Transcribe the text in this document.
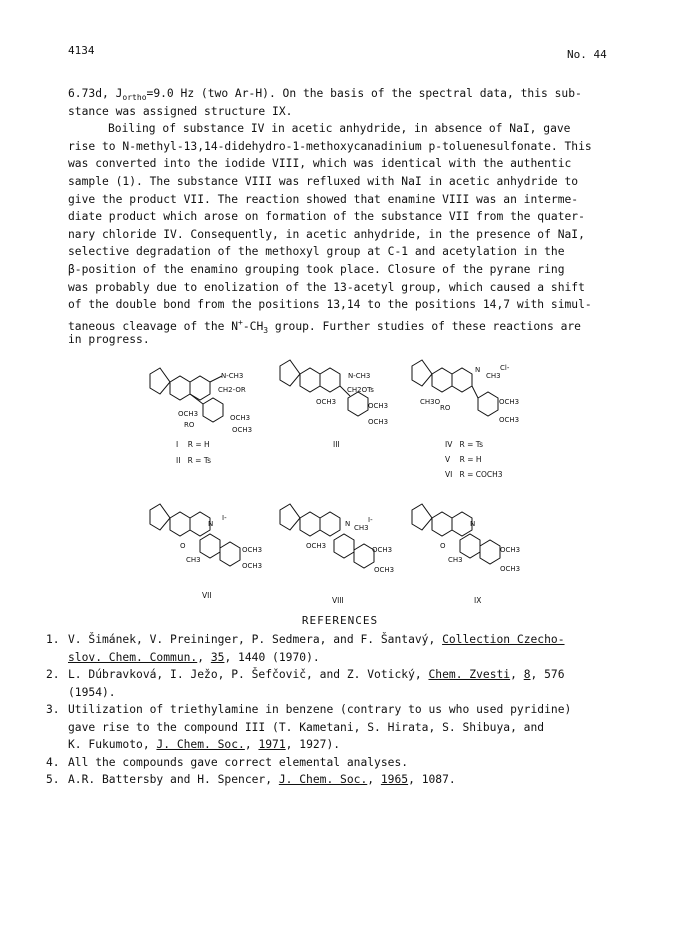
4134	No. 44
6.73d, $J_{ortho}=9.0$ Hz (two Ar-H). On the basis of the spectral data, this sub-
stance was assigned structure IX.
Boiling of substance IV in acetic anhydride, in absence of NaI, gave
rise to N-methyl-13,14-didehydro-1-methoxycanadinium p-toluenesulfonate. This
was converted into the iodide VIII, which was identical with the authentic
sample (1). The substance VIII was refluxed with NaI in acetic anhydride to
give the product VII. The reaction showed that enamine VIII was an interme-
diate product which arose on formation of the substance VII from the quater-
nary chloride IV. Consequently, in acetic anhydride, in the presence of NaI,
selective degradation of the methoxyl group at C-1 and acetylation in the
β-position of the enamino grouping took place. Closure of the pyrane ring
was probably due to enolization of the 13-acetyl group, which caused a shift
of the double bond from the positions 13,14 to the positions 14,7 with simul-
taneous cleavage of the $N^+-CH_3$ group. Further studies of these reactions are
in progress.
N-CH3
CH2-OR
OCH3
RO
OCH3
OCH3
I    R = H
II   R = Ts
N-CH3
CH2OTs
OCH3	OCH3
OCH3
III
N
CH3
Cl-
CH3O
RO
OCH3
OCH3
IV   R = Ts
V    R = H
VI   R = COCH3
N
I-
O
CH3
OCH3
OCH3
VII
N CH3
I-
OCH3	OCH3
OCH3
VIII
N
O
CH3
OCH3
OCH3
IX
REFERENCES
1. V. Šimánek, V. Preininger, P. Sedmera, and F. Šantavý, Collection Czecho-
slov. Chem. Commun., 35, 1440 (1970).
2. L. Dúbravková, I. Ježo, P. Šefčovič, and Z. Votický, Chem. Zvesti, 8, 576
(1954).
3. Utilization of triethylamine in benzene (contrary to us who used pyridine)
gave rise to the compound III (T. Kametani, S. Hirata, S. Shibuya, and
K. Fukumoto, J. Chem. Soc., 1971, 1927).
4. All the compounds gave correct elemental analyses.
5. A.R. Battersby and H. Spencer, J. Chem. Soc., 1965, 1087.
